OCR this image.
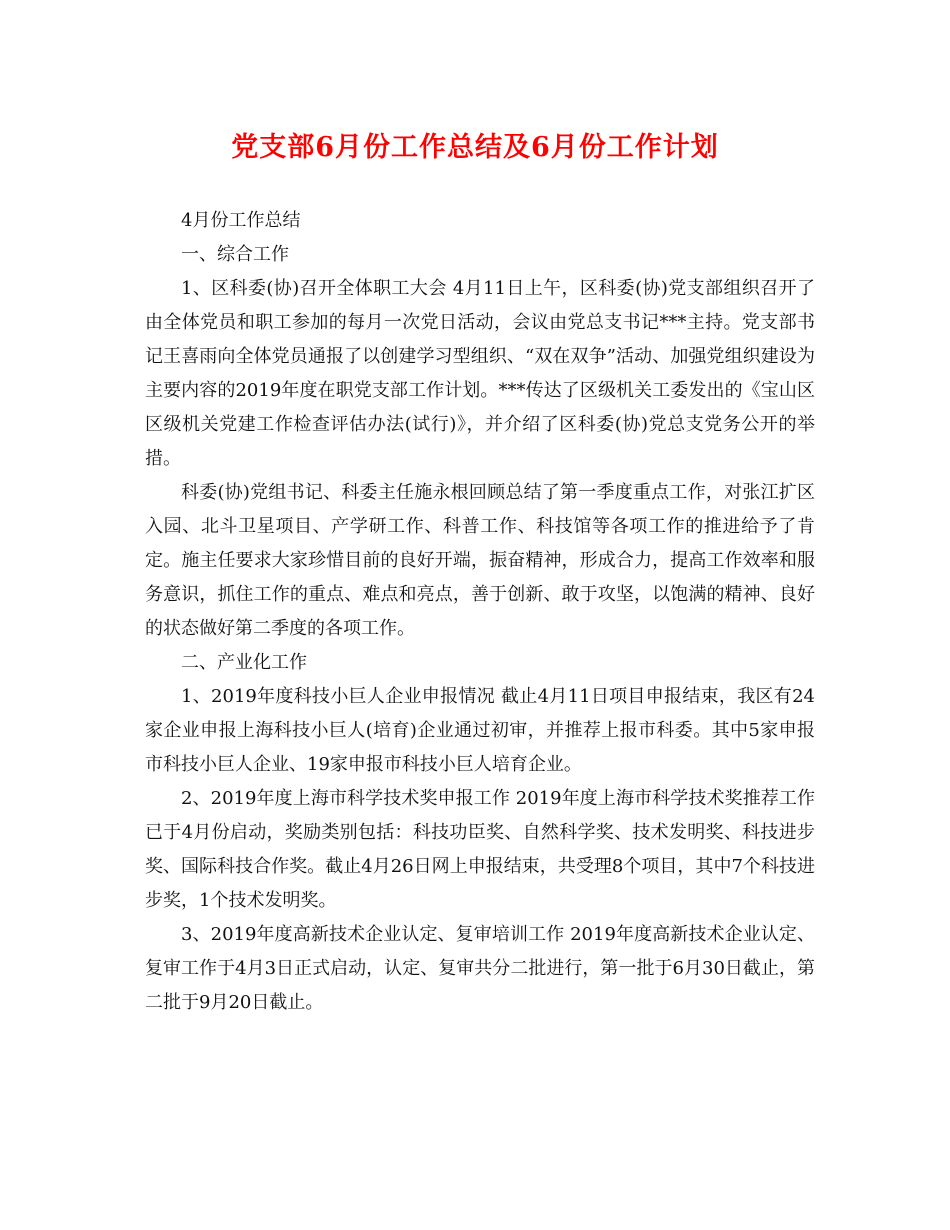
党支部6月份工作总结及6月份工作计划

4月份工作总结

一、综合工作

1、区科委(协)召开全体职工大会 4月11日上午，区科委(协)党支部组织召开了由全体党员和职工参加的每月一次党日活动，会议由党总支书记***主持。党支部书记王喜雨向全体党员通报了以创建学习型组织、“双在双争”活动、加强党组织建设为主要内容的2019年度在职党支部工作计划。***传达了区级机关工委发出的《宝山区区级机关党建工作检查评估办法(试行)》，并介绍了区科委(协)党总支党务公开的举措。

科委(协)党组书记、科委主任施永根回顾总结了第一季度重点工作，对张江扩区入园、北斗卫星项目、产学研工作、科普工作、科技馆等各项工作的推进给予了肯定。施主任要求大家珍惜目前的良好开端，振奋精神，形成合力，提高工作效率和服务意识，抓住工作的重点、难点和亮点，善于创新、敢于攻坚，以饱满的精神、良好的状态做好第二季度的各项工作。

二、产业化工作

1、2019年度科技小巨人企业申报情况 截止4月11日项目申报结束，我区有24家企业申报上海科技小巨人(培育)企业通过初审，并推荐上报市科委。其中5家申报市科技小巨人企业、19家申报市科技小巨人培育企业。

2、2019年度上海市科学技术奖申报工作 2019年度上海市科学技术奖推荐工作已于4月份启动，奖励类别包括：科技功臣奖、自然科学奖、技术发明奖、科技进步奖、国际科技合作奖。截止4月26日网上申报结束，共受理8个项目，其中7个科技进步奖，1个技术发明奖。

3、2019年度高新技术企业认定、复审培训工作 2019年度高新技术企业认定、复审工作于4月3日正式启动，认定、复审共分二批进行，第一批于6月30日截止，第二批于9月20日截止。
